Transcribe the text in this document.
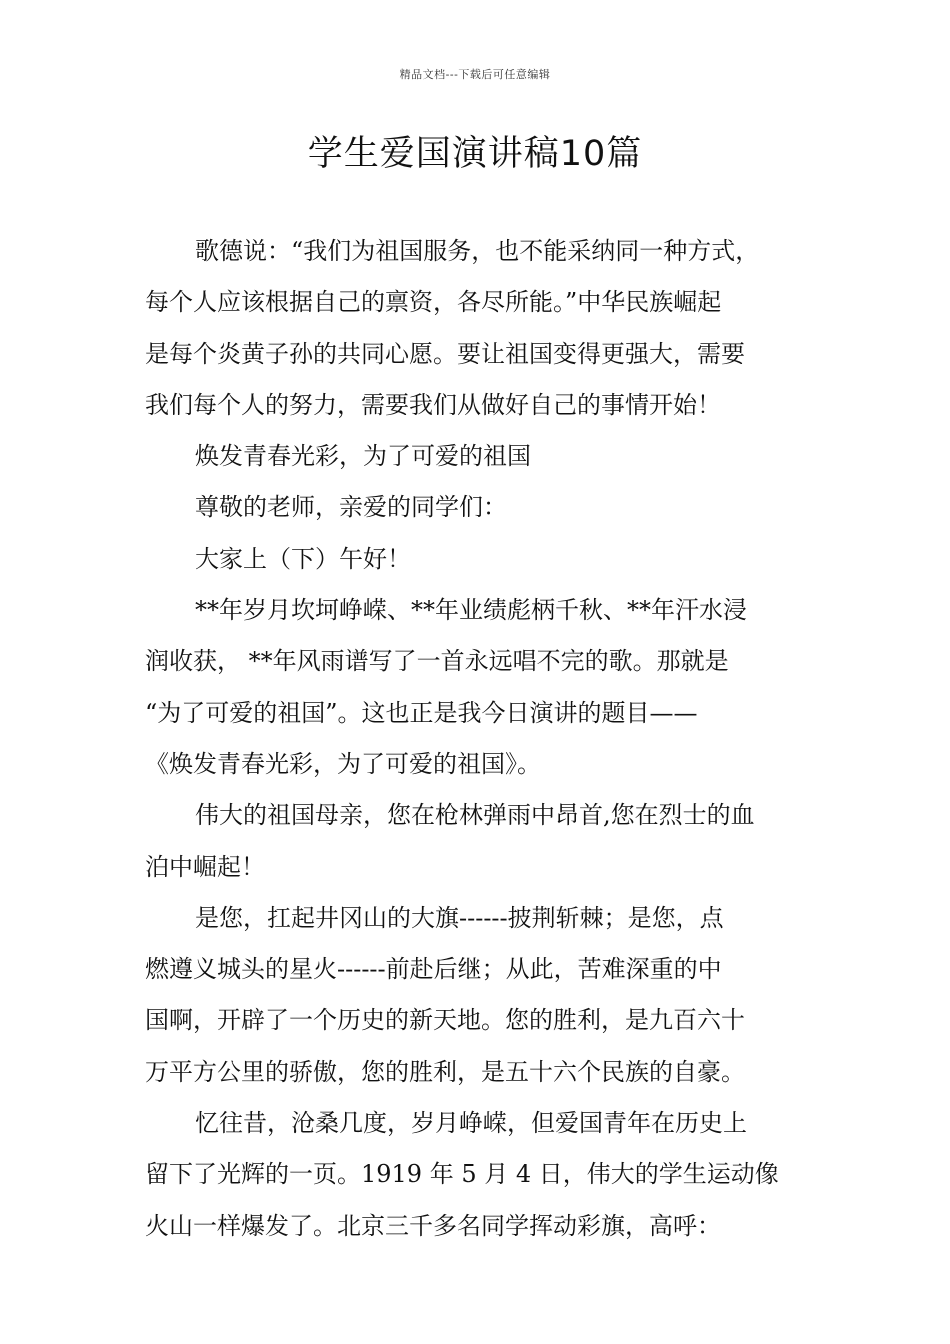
精品文档---下载后可任意编辑
学生爱国演讲稿10篇
歌德说：“我们为祖国服务，也不能采纳同一种方式，
每个人应该根据自己的禀资，各尽所能。”中华民族崛起
是每个炎黄子孙的共同心愿。要让祖国变得更强大，需要
我们每个人的努力，需要我们从做好自己的事情开始！
焕发青春光彩，为了可爱的祖国
尊敬的老师，亲爱的同学们：
大家上（下）午好！
**年岁月坎坷峥嵘、**年业绩彪柄千秋、**年汗水浸
润收获， **年风雨谱写了一首永远唱不完的歌。那就是
“为了可爱的祖国”。这也正是我今日演讲的题目——
《焕发青春光彩，为了可爱的祖国》。
伟大的祖国母亲，您在枪林弹雨中昂首,您在烈士的血
泊中崛起！
是您，扛起井冈山的大旗------披荆斩棘；是您，点
燃遵义城头的星火------前赴后继；从此，苦难深重的中
国啊，开辟了一个历史的新天地。您的胜利，是九百六十
万平方公里的骄傲，您的胜利，是五十六个民族的自豪。
忆往昔，沧桑几度，岁月峥嵘，但爱国青年在历史上
留下了光辉的一页。1919 年 5 月 4 日，伟大的学生运动像
火山一样爆发了。北京三千多名同学挥动彩旗，高呼：
